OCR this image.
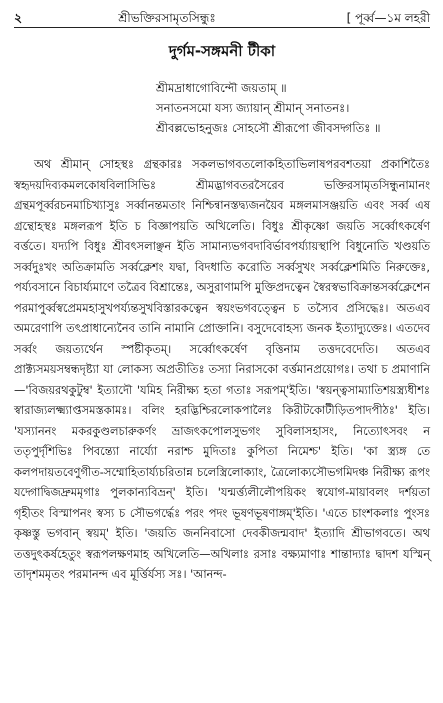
২	শ্রীভক্তিরসামৃতসিন্ধুঃ	[ পূর্ব্ব—১ম লহরী
দুর্গম-সঙ্গমনী টীকা
শ্রীমদ্রাধাগোবিন্দৌ জয়তাম্ ॥
সনাতনসমো যস্য জ্যায়ান্ শ্রীমান্ সনাতনঃ।
শ্রীবল্লভোহনুজঃ সোহসৌ শ্রীরূপো জীবসদ্গতিঃ ॥
অথ শ্রীমান্ সোহস্থঃ গ্রন্থকারঃ সকলভাগবতলোকহিতাভিলাষপরবশতয়া প্রকাশিতৈঃ স্বহৃদয়দিব্যকমলকোষবিলাসিভিঃ শ্রীমদ্ভাগবতরসৈরেব ভক্তিরসামৃতসিন্ধুনামানং গ্রন্থমপূর্ব্বরচনমাচিখ্যাসুঃ সর্ব্বানন্তমতাং নিশ্চিন্বানস্তদ্ব্যজনয়ৈব মঙ্গলমাসঞ্জয়তি এবং সর্ব্ব এষ গ্রন্থোহস্থঃ মঙ্গলরূপ ইতি চ বিজ্ঞাপয়তি অখিলেতি। বিধুঃ শ্রীকৃষ্ণো জয়তি সর্ব্বোৎকর্ষেণ বর্ত্ততে। যদ্যপি বিধুঃ শ্রীবৎসলাঞ্ছন ইতি সামান্যভগবদাবির্ভাবপর্য্যায়স্থাপি বিধুনোতি খণ্ডয়তি সর্ব্বদুঃখং অতিক্রামতি সর্ব্বক্লেশং যদ্বা, বিদধাতি করোতি সর্ব্বসুখং সর্ব্বক্লেশমিতি নিরুক্তেঃ, পর্য্যবসানে বিচার্য্যমাণে তত্রৈব বিশ্রান্তেঃ, অসুরাণামপি মুক্তিপ্রদত্বেন স্বৈরস্বভাবিক্রান্তসর্ব্বক্লেশেন পরমাপুর্ব্বস্বপ্রেমমহাসুখপর্য্যন্তসুখবিস্তারকত্বেন স্বয়ংভগবত্ত্বেন চ তস্যৈব প্রসিদ্ধেঃ। অতএব অমরেণাপি তৎপ্রাধান্যেনৈব তানি নামানি প্রোক্তানি। বসুদেবোহস্য জনক ইত্যাদ্যুক্তেঃ। এতদেব সর্ব্বং জয়ত্যর্থেন স্পষ্টীকৃতম্। সর্ব্বোৎকর্ষেণ বৃত্তিনাম তত্তদবেদেতি। অতএব প্রাক্ট্যসময়সম্বন্ধদৃষ্ট্যা যা লোকস্য অপ্রতীতিঃ তস্যা নিরাসকো বর্ত্তমানপ্রয়োগঃ। তথা চ প্রমাণানি—'বিজয়রথকুটুম্ব' ইত্যাদৌ 'যমিহ নিরীক্ষ্য হতা গতাঃ সরূপম্'ইতি। 'স্বয়ন্ত্বসাম্যাতিশয়স্ত্র্যধীশঃ স্বারাজ্যলক্ষ্ম্যাপ্তসমস্তকামঃ। বলিং হরদ্ভিশ্চিরলোকপালৈঃ কিরীটকোটীড়িতপাদপীঠঃ' ইতি। 'যস্যাননং মকরকুণ্ডলচারুকর্ণং ভ্রাজৎকপোলসুভগং সুবিলাসহাসং, নিত্যোৎসবং ন ততৃপুর্দৃশিভিঃ পিবন্ত্যো নার্য্যো নরাশ্চ মুদিতাঃ কুপিতা নিমেশ্চ' ইতি। 'কা স্ত্র্যঙ্গ তে কলপদায়তবেণুগীত-সম্মোহিতার্য্যচরিতান্ন চলেস্ত্রিলোক্যাং, ত্রৈলোক্যসৌভগমিদঞ্চ নিরীক্ষ্য রূপং যদ্গোদ্বিজদ্রুমমৃগাঃ পুলকান্যবিভ্রন্' ইতি। 'যন্মর্ত্ত্যলীলৌপয়িকং স্বযোগ-মায়াবলং দর্শয়তা গৃহীতং বিস্মাপনং স্বস্য চ সৌভগর্দ্ধেঃ পরং পদং ভূষণভূষণাঙ্গম্'ইতি। 'এতে চাংশকলাঃ পুংসঃ কৃষ্ণস্তু ভগবান্ স্বয়ম্' ইতি। 'জয়তি জননিবাসো দেবকীজন্মবাদ' ইত্যাদি শ্রীভাগবতে। অথ তত্তদুৎকর্ষহেতুং স্বরূপলক্ষণমাহ অখিলেতি—অখিলাঃ রসাঃ বক্ষ্যমাণাঃ শান্তাদ্যাঃ দ্বাদশ যস্মিন্ তাদৃশমমৃতং পরমানন্দ এব মূর্ত্তির্যস্য সঃ। 'আনন্দ-
